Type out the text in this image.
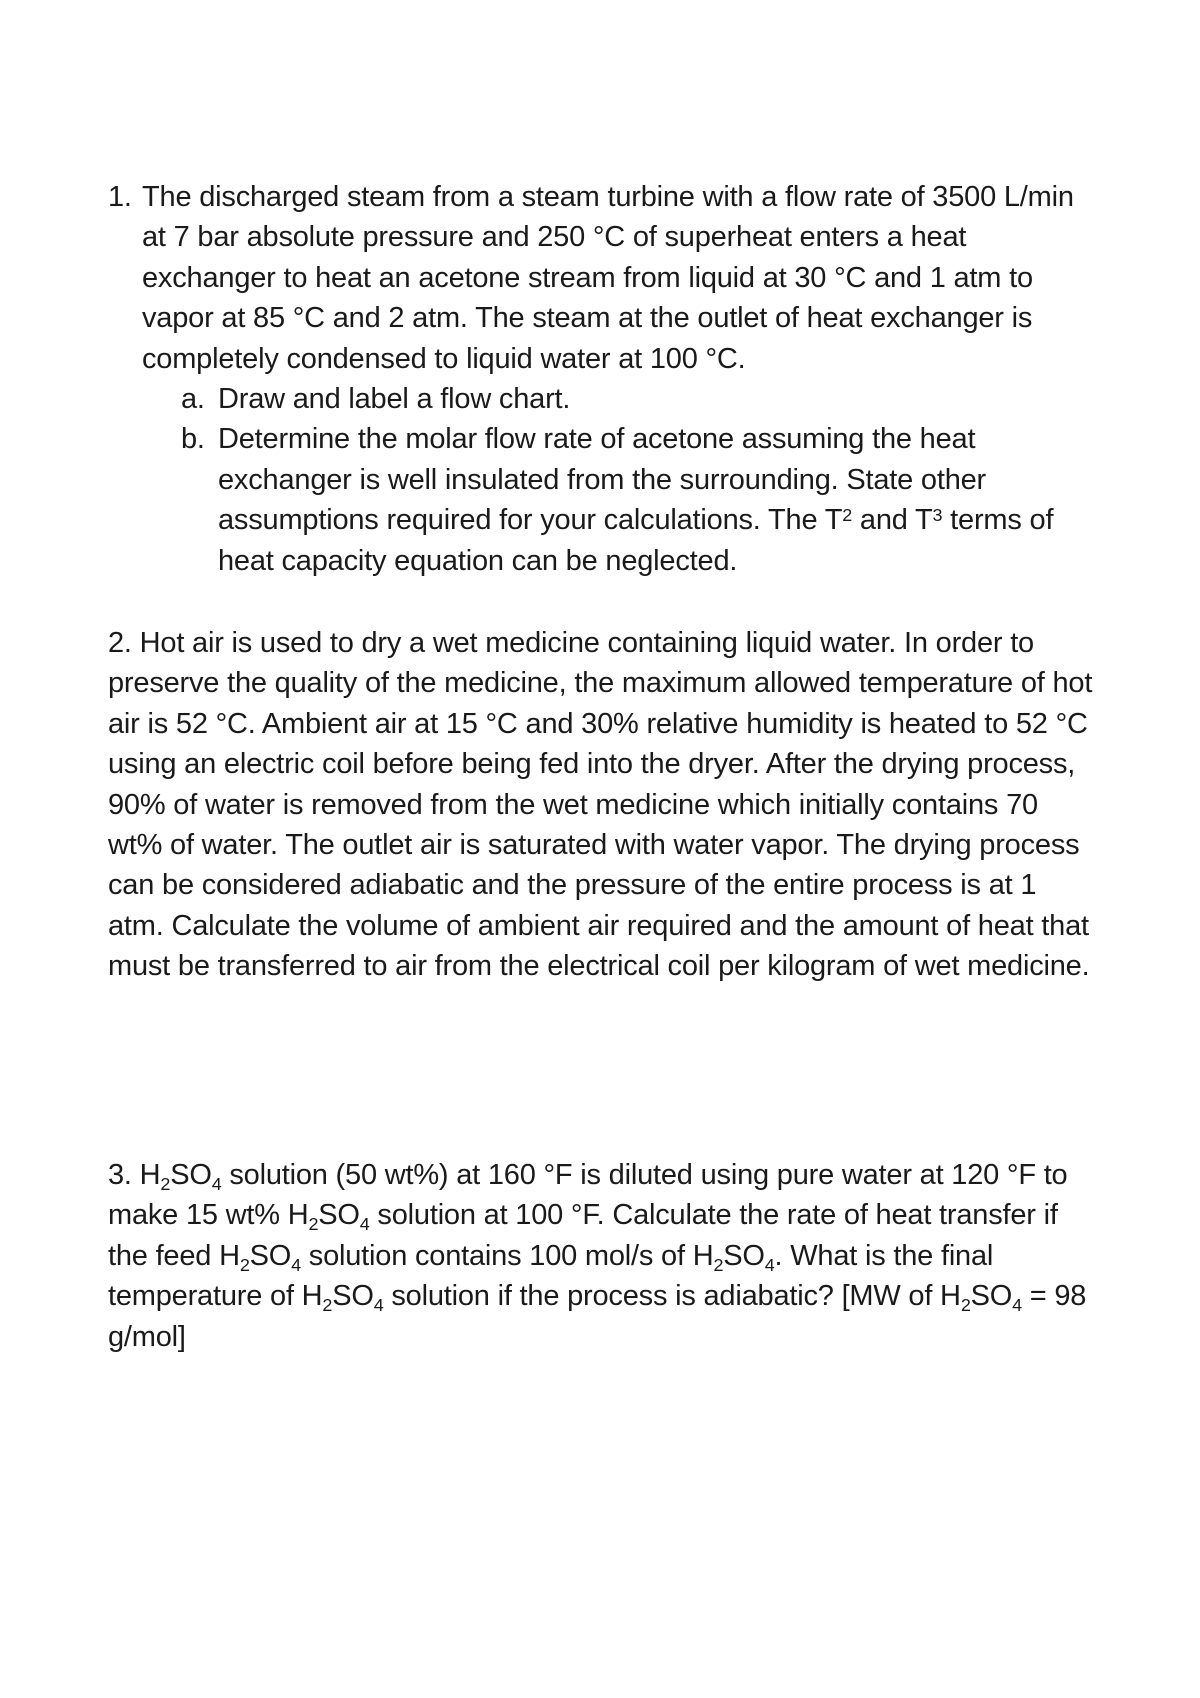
1. The discharged steam from a steam turbine with a flow rate of 3500 L/min at 7 bar absolute pressure and 250 °C of superheat enters a heat exchanger to heat an acetone stream from liquid at 30 °C and 1 atm to vapor at 85 °C and 2 atm. The steam at the outlet of heat exchanger is completely condensed to liquid water at 100 °C.
a. Draw and label a flow chart.
b. Determine the molar flow rate of acetone assuming the heat exchanger is well insulated from the surrounding. State other assumptions required for your calculations. The $T^2$ and $T^3$ terms of heat capacity equation can be neglected.
2. Hot air is used to dry a wet medicine containing liquid water. In order to preserve the quality of the medicine, the maximum allowed temperature of hot air is 52 °C. Ambient air at 15 °C and 30% relative humidity is heated to 52 °C using an electric coil before being fed into the dryer. After the drying process, 90% of water is removed from the wet medicine which initially contains 70 wt% of water. The outlet air is saturated with water vapor. The drying process can be considered adiabatic and the pressure of the entire process is at 1 atm. Calculate the volume of ambient air required and the amount of heat that must be transferred to air from the electrical coil per kilogram of wet medicine.
3. $H_2SO_4$ solution (50 wt%) at 160 °F is diluted using pure water at 120 °F to make 15 wt% $H_2SO_4$ solution at 100 °F. Calculate the rate of heat transfer if the feed $H_2SO_4$ solution contains 100 mol/s of $H_2SO_4$. What is the final temperature of $H_2SO_4$ solution if the process is adiabatic? [MW of $H_2SO_4 = 98$ g/mol]
